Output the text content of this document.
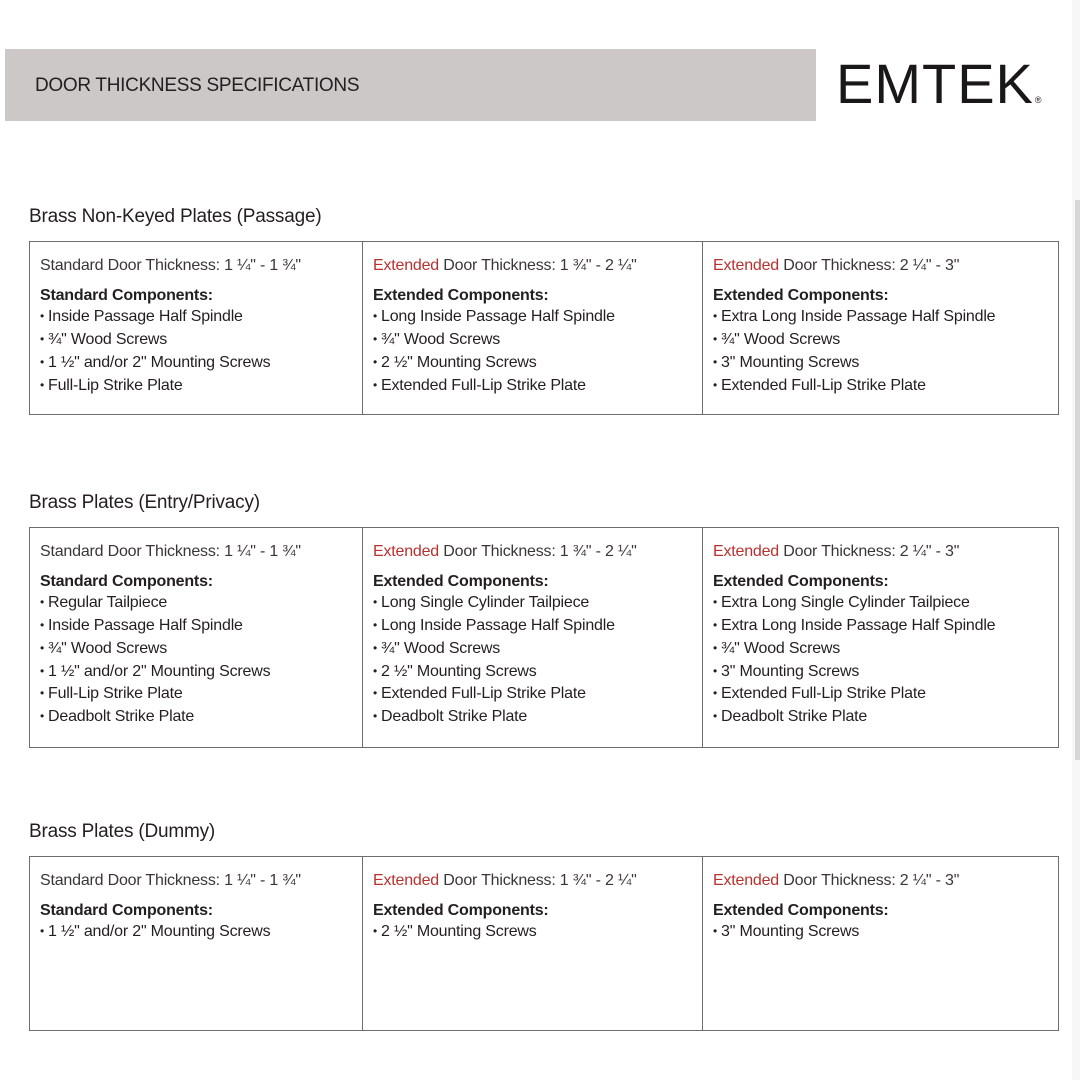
DOOR THICKNESS SPECIFICATIONS	EMTEK®
Brass Non-Keyed Plates (Passage)
Standard Door Thickness: 1 ¼" - 1 ¾"
Standard Components:
• Inside Passage Half Spindle
• ¾" Wood Screws
• 1 ½" and/or 2" Mounting Screws
• Full-Lip Strike Plate
Extended Door Thickness: 1 ¾" - 2 ¼"
Extended Components:
• Long Inside Passage Half Spindle
• ¾" Wood Screws
• 2 ½" Mounting Screws
• Extended Full-Lip Strike Plate
Extended Door Thickness: 2 ¼" - 3"
Extended Components:
• Extra Long Inside Passage Half Spindle
• ¾" Wood Screws
• 3" Mounting Screws
• Extended Full-Lip Strike Plate
Brass Plates (Entry/Privacy)
Standard Door Thickness: 1 ¼" - 1 ¾"
Standard Components:
• Regular Tailpiece
• Inside Passage Half Spindle
• ¾" Wood Screws
• 1 ½" and/or 2" Mounting Screws
• Full-Lip Strike Plate
• Deadbolt Strike Plate
Extended Door Thickness: 1 ¾" - 2 ¼"
Extended Components:
• Long Single Cylinder Tailpiece
• Long Inside Passage Half Spindle
• ¾" Wood Screws
• 2 ½" Mounting Screws
• Extended Full-Lip Strike Plate
• Deadbolt Strike Plate
Extended Door Thickness: 2 ¼" - 3"
Extended Components:
• Extra Long Single Cylinder Tailpiece
• Extra Long Inside Passage Half Spindle
• ¾" Wood Screws
• 3" Mounting Screws
• Extended Full-Lip Strike Plate
• Deadbolt Strike Plate
Brass Plates (Dummy)
Standard Door Thickness: 1 ¼" - 1 ¾"
Standard Components:
• 1 ½" and/or 2" Mounting Screws
Extended Door Thickness: 1 ¾" - 2 ¼"
Extended Components:
• 2 ½" Mounting Screws
Extended Door Thickness: 2 ¼" - 3"
Extended Components:
• 3" Mounting Screws
